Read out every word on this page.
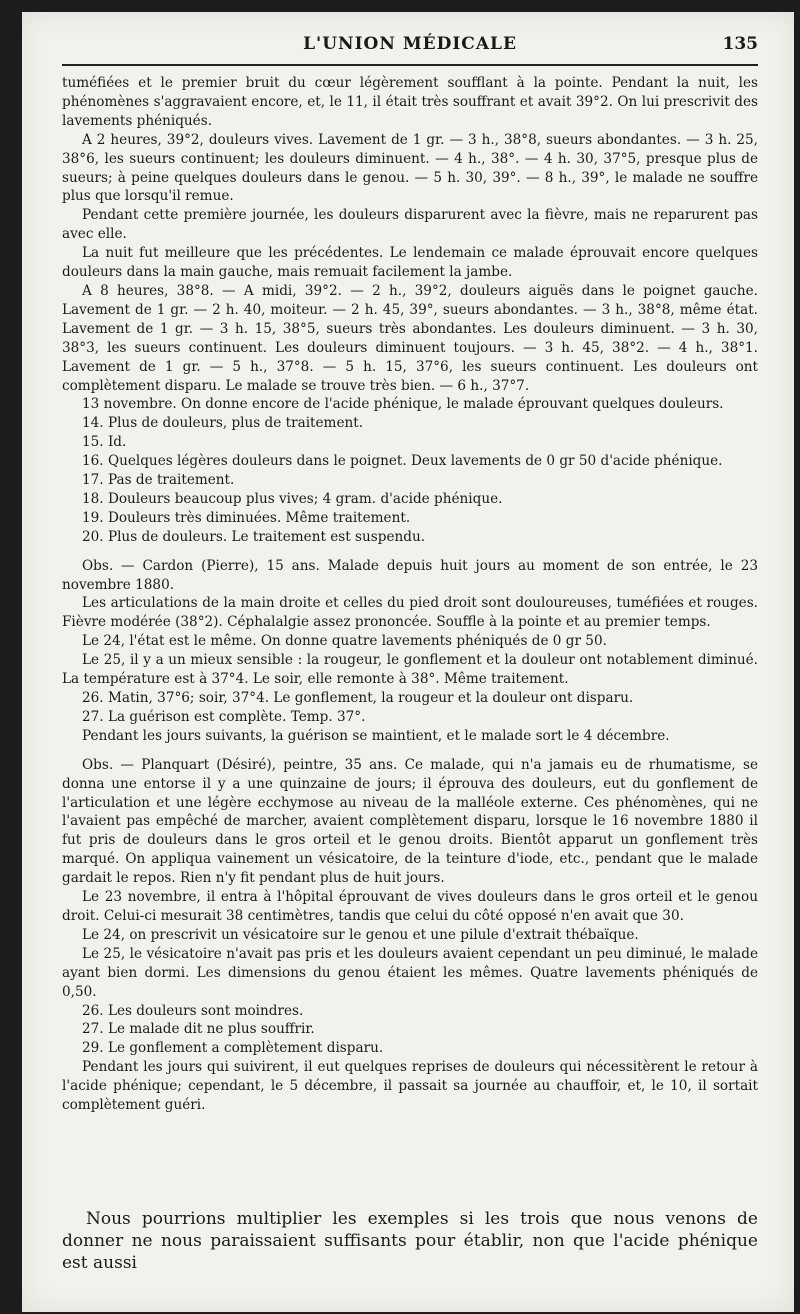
L'UNION MÉDICALE	135

tuméfiées et le premier bruit du cœur légèrement soufflant à la pointe. Pendant la nuit, les phénomènes s'aggravaient encore, et, le 11, il était très souffrant et avait 39°2. On lui prescrivit des lavements phéniqués.

A 2 heures, 39°2, douleurs vives. Lavement de 1 gr. — 3 h., 38°8, sueurs abondantes. — 3 h. 25, 38°6, les sueurs continuent; les douleurs diminuent. — 4 h., 38°. — 4 h. 30, 37°5, presque plus de sueurs; à peine quelques douleurs dans le genou. — 5 h. 30, 39°. — 8 h., 39°, le malade ne souffre plus que lorsqu'il remue.

Pendant cette première journée, les douleurs disparurent avec la fièvre, mais ne reparurent pas avec elle.

La nuit fut meilleure que les précédentes. Le lendemain ce malade éprouvait encore quelques douleurs dans la main gauche, mais remuait facilement la jambe.

A 8 heures, 38°8. — A midi, 39°2. — 2 h., 39°2, douleurs aiguës dans le poignet gauche. Lavement de 1 gr. — 2 h. 40, moiteur. — 2 h. 45, 39°, sueurs abondantes. — 3 h., 38°8, même état. Lavement de 1 gr. — 3 h. 15, 38°5, sueurs très abondantes. Les douleurs diminuent. — 3 h. 30, 38°3, les sueurs continuent. Les douleurs diminuent toujours. — 3 h. 45, 38°2. — 4 h., 38°1. Lavement de 1 gr. — 5 h., 37°8. — 5 h. 15, 37°6, les sueurs continuent. Les douleurs ont complètement disparu. Le malade se trouve très bien. — 6 h., 37°7.

13 novembre. On donne encore de l'acide phénique, le malade éprouvant quelques douleurs.

14. Plus de douleurs, plus de traitement.

15. Id.

16. Quelques légères douleurs dans le poignet. Deux lavements de 0 gr 50 d'acide phénique.

17. Pas de traitement.

18. Douleurs beaucoup plus vives; 4 gram. d'acide phénique.

19. Douleurs très diminuées. Même traitement.

20. Plus de douleurs. Le traitement est suspendu.

Obs. — Cardon (Pierre), 15 ans. Malade depuis huit jours au moment de son entrée, le 23 novembre 1880.

Les articulations de la main droite et celles du pied droit sont douloureuses, tuméfiées et rouges. Fièvre modérée (38°2). Céphalalgie assez prononcée. Souffle à la pointe et au premier temps.

Le 24, l'état est le même. On donne quatre lavements phéniqués de 0 gr 50.

Le 25, il y a un mieux sensible : la rougeur, le gonflement et la douleur ont notablement diminué. La température est à 37°4. Le soir, elle remonte à 38°. Même traitement.

26. Matin, 37°6; soir, 37°4. Le gonflement, la rougeur et la douleur ont disparu.

27. La guérison est complète. Temp. 37°.

Pendant les jours suivants, la guérison se maintient, et le malade sort le 4 décembre.

Obs. — Planquart (Désiré), peintre, 35 ans. Ce malade, qui n'a jamais eu de rhumatisme, se donna une entorse il y a une quinzaine de jours; il éprouva des douleurs, eut du gonflement de l'articulation et une légère ecchymose au niveau de la malléole externe. Ces phénomènes, qui ne l'avaient pas empêché de marcher, avaient complètement disparu, lorsque le 16 novembre 1880 il fut pris de douleurs dans le gros orteil et le genou droits. Bientôt apparut un gonflement très marqué. On appliqua vainement un vésicatoire, de la teinture d'iode, etc., pendant que le malade gardait le repos. Rien n'y fit pendant plus de huit jours.

Le 23 novembre, il entra à l'hôpital éprouvant de vives douleurs dans le gros orteil et le genou droit. Celui-ci mesurait 38 centimètres, tandis que celui du côté opposé n'en avait que 30.

Le 24, on prescrivit un vésicatoire sur le genou et une pilule d'extrait thébaïque.

Le 25, le vésicatoire n'avait pas pris et les douleurs avaient cependant un peu diminué, le malade ayant bien dormi. Les dimensions du genou étaient les mêmes. Quatre lavements phéniqués de 0,50.

26. Les douleurs sont moindres.

27. Le malade dit ne plus souffrir.

29. Le gonflement a complètement disparu.

Pendant les jours qui suivirent, il eut quelques reprises de douleurs qui nécessitèrent le retour à l'acide phénique; cependant, le 5 décembre, il passait sa journée au chauffoir, et, le 10, il sortait complètement guéri.

Nous pourrions multiplier les exemples si les trois que nous venons de donner ne nous paraissaient suffisants pour établir, non que l'acide phénique est aussi
